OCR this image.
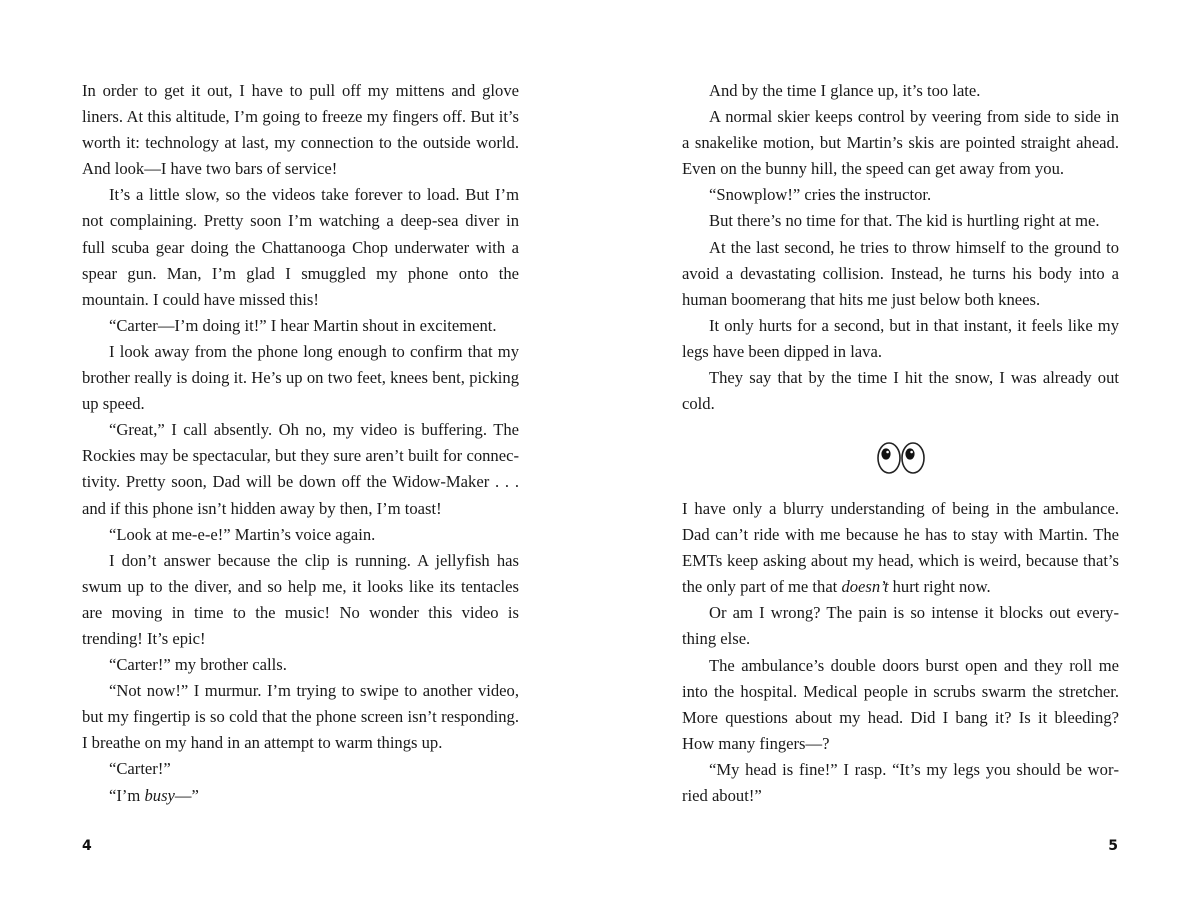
In order to get it out, I have to pull off my mittens and glove liners. At this altitude, I’m going to freeze my fingers off. But it’s worth it: technology at last, my connection to the outside world. And look—I have two bars of service!

It’s a little slow, so the videos take forever to load. But I’m not complaining. Pretty soon I’m watching a deep-sea diver in full scuba gear doing the Chattanooga Chop underwater with a spear gun. Man, I’m glad I smuggled my phone onto the mountain. I could have missed this!

“Carter—I’m doing it!” I hear Martin shout in excitement.

I look away from the phone long enough to confirm that my brother really is doing it. He’s up on two feet, knees bent, picking up speed.

“Great,” I call absently. Oh no, my video is buffering. The Rockies may be spectacular, but they sure aren’t built for connectivity. Pretty soon, Dad will be down off the Widow-Maker . . . and if this phone isn’t hidden away by then, I’m toast!

“Look at me-e-e!” Martin’s voice again.

I don’t answer because the clip is running. A jellyfish has swum up to the diver, and so help me, it looks like its tentacles are moving in time to the music! No wonder this video is trending! It’s epic!

“Carter!” my brother calls.

“Not now!” I murmur. I’m trying to swipe to another video, but my fingertip is so cold that the phone screen isn’t responding. I breathe on my hand in an attempt to warm things up.

“Carter!”

“I’m busy—”

4

And by the time I glance up, it’s too late.

A normal skier keeps control by veering from side to side in a snakelike motion, but Martin’s skis are pointed straight ahead. Even on the bunny hill, the speed can get away from you.

“Snowplow!” cries the instructor.

But there’s no time for that. The kid is hurtling right at me.

At the last second, he tries to throw himself to the ground to avoid a devastating collision. Instead, he turns his body into a human boomerang that hits me just below both knees.

It only hurts for a second, but in that instant, it feels like my legs have been dipped in lava.

They say that by the time I hit the snow, I was already out cold.

I have only a blurry understanding of being in the ambulance. Dad can’t ride with me because he has to stay with Martin. The EMTs keep asking about my head, which is weird, because that’s the only part of me that doesn’t hurt right now.

Or am I wrong? The pain is so intense it blocks out everything else.

The ambulance’s double doors burst open and they roll me into the hospital. Medical people in scrubs swarm the stretcher. More questions about my head. Did I bang it? Is it bleeding? How many fingers—?

“My head is fine!” I rasp. “It’s my legs you should be worried about!”

5
